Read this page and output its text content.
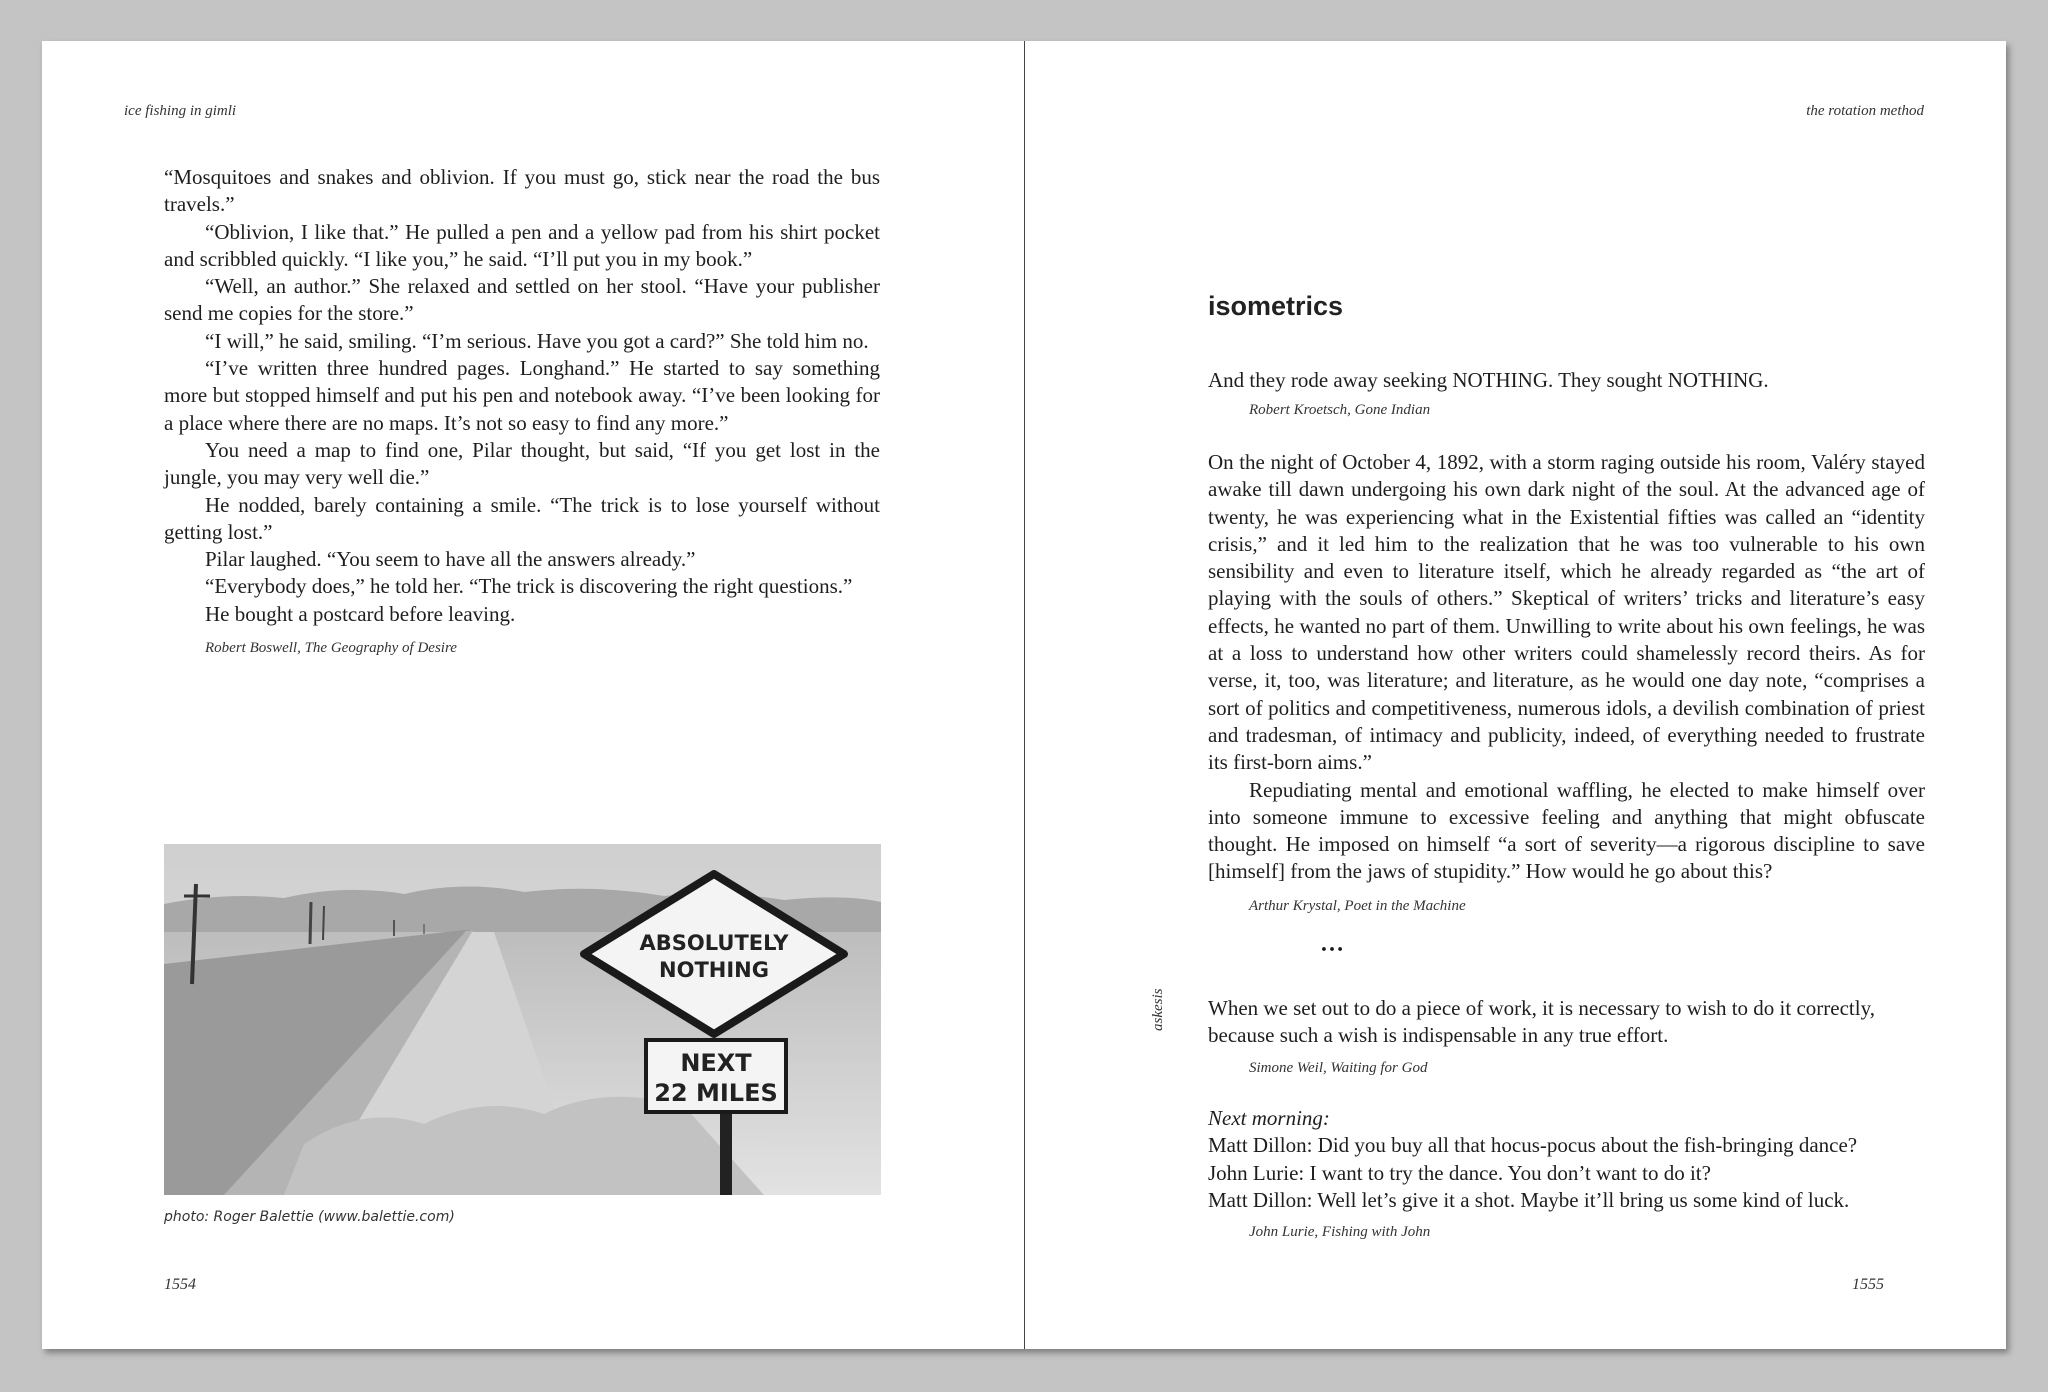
ice fishing in gimli
1554
the rotation method
1555

“Mosquitoes and snakes and oblivion. If you must go, stick near the road the bus travels.”

“Oblivion, I like that.” He pulled a pen and a yellow pad from his shirt pocket and scribbled quickly. “I like you,” he said. “I’ll put you in my book.”

“Well, an author.” She relaxed and settled on her stool. “Have your publisher send me copies for the store.”

“I will,” he said, smiling. “I’m serious. Have you got a card?” She told him no.

“I’ve written three hundred pages. Longhand.” He started to say something more but stopped himself and put his pen and notebook away. “I’ve been looking for a place where there are no maps. It’s not so easy to find any more.”

You need a map to find one, Pilar thought, but said, “If you get lost in the jungle, you may very well die.”

He nodded, barely containing a smile. “The trick is to lose yourself without getting lost.”

Pilar laughed. “You seem to have all the answers already.”

“Everybody does,” he told her. “The trick is discovering the right questions.”

He bought a postcard before leaving.

Robert Boswell, The Geography of Desire
ABSOLUTELY
NOTHING
NEXT
22 MILES
photo: Roger Balettie (www.balettie.com)
isometrics

And they rode away seeking NOTHING. They sought NOTHING.

Robert Kroetsch, Gone Indian

On the night of October 4, 1892, with a storm raging outside his room, Valéry stayed awake till dawn undergoing his own dark night of the soul. At the advanced age of twenty, he was experiencing what in the Existential fifties was called an “identity crisis,” and it led him to the realization that he was too vulnerable to his own sensibility and even to literature itself, which he already regarded as “the art of playing with the souls of others.” Skeptical of writers’ tricks and literature’s easy effects, he wanted no part of them. Unwilling to write about his own feelings, he was at a loss to understand how other writers could shamelessly record theirs. As for verse, it, too, was literature; and literature, as he would one day note, “comprises a sort of politics and competitiveness, numerous idols, a devilish combination of priest and tradesman, of intimacy and publicity, indeed, of everything needed to frustrate its first-born aims.”

Repudiating mental and emotional waffling, he elected to make himself over into someone immune to excessive feeling and anything that might obfuscate thought. He imposed on himself “a sort of severity—a rigorous discipline to save [himself] from the jaws of stupidity.” How would he go about this?

Arthur Krystal, Poet in the Machine
…

When we set out to do a piece of work, it is necessary to wish to do it correctly, because such a wish is indispensable in any true effort.

Simone Weil, Waiting for God
Next morning:
Matt Dillon: Did you buy all that hocus-pocus about the fish-bringing dance?
John Lurie: I want to try the dance. You don’t want to do it?
Matt Dillon: Well let’s give it a shot. Maybe it’ll bring us some kind of luck.
John Lurie, Fishing with John
askesis
